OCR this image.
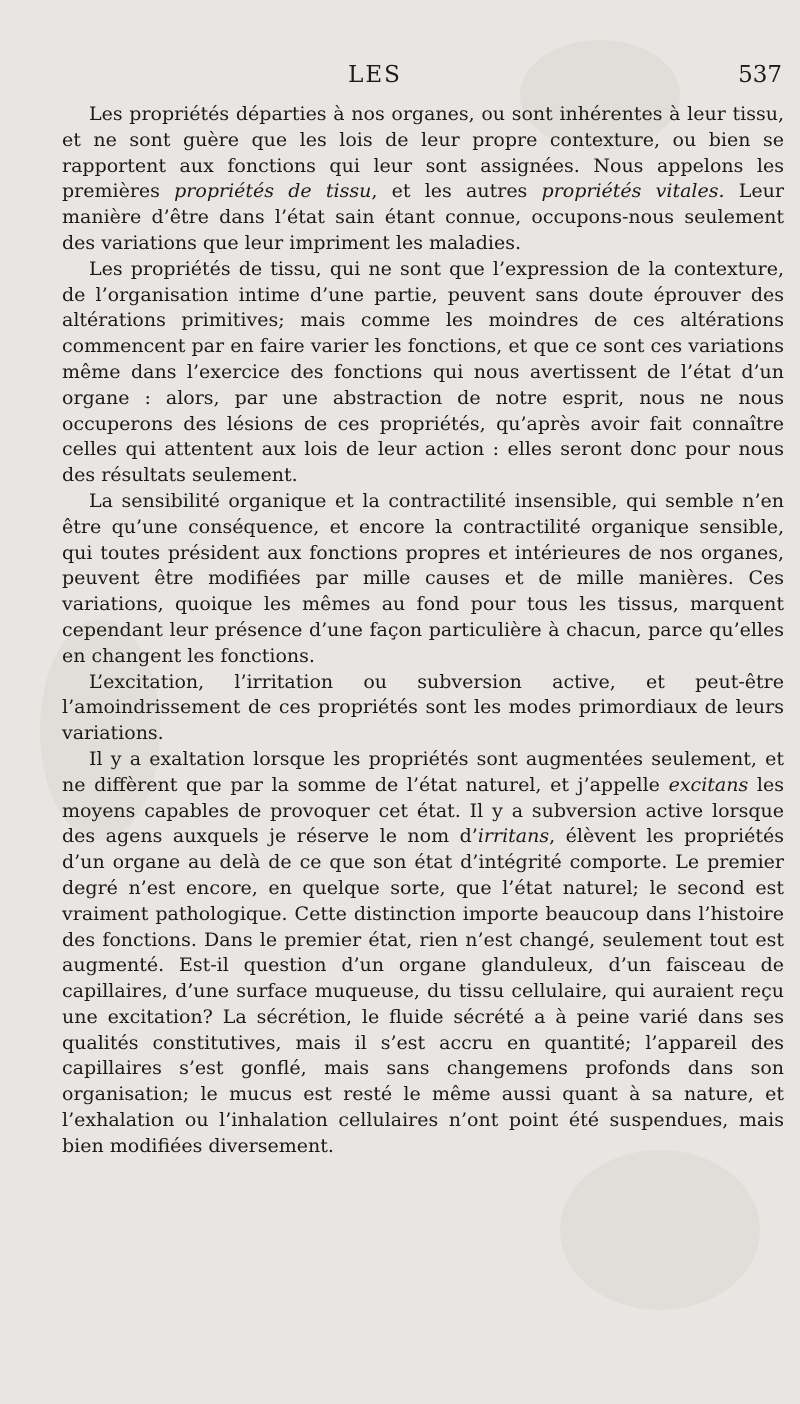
LES	537

Les propriétés départies à nos organes, ou sont inhérentes à leur tissu, et ne sont guère que les lois de leur propre contexture, ou bien se rapportent aux fonctions qui leur sont assignées. Nous appelons les premières propriétés de tissu, et les autres propriétés vitales. Leur manière d’être dans l’état sain étant connue, occupons-nous seulement des variations que leur impriment les maladies.

Les propriétés de tissu, qui ne sont que l’expression de la contexture, de l’organisation intime d’une partie, peuvent sans doute éprouver des altérations primitives; mais comme les moindres de ces altérations commencent par en faire varier les fonctions, et que ce sont ces variations même dans l’exercice des fonctions qui nous avertissent de l’état d’un organe : alors, par une abstraction de notre esprit, nous ne nous occuperons des lésions de ces propriétés, qu’après avoir fait connaître celles qui attentent aux lois de leur action : elles seront donc pour nous des résultats seulement.

La sensibilité organique et la contractilité insensible, qui semble n’en être qu’une conséquence, et encore la contractilité organique sensible, qui toutes président aux fonctions propres et intérieures de nos organes, peuvent être modifiées par mille causes et de mille manières. Ces variations, quoique les mêmes au fond pour tous les tissus, marquent cependant leur présence d’une façon particulière à chacun, parce qu’elles en changent les fonctions.

L’excitation, l’irritation ou subversion active, et peut-être l’amoindrissement de ces propriétés sont les modes primordiaux de leurs variations.

Il y a exaltation lorsque les propriétés sont augmentées seulement, et ne diffèrent que par la somme de l’état naturel, et j’appelle excitans les moyens capables de provoquer cet état. Il y a subversion active lorsque des agens auxquels je réserve le nom d’irritans, élèvent les propriétés d’un organe au delà de ce que son état d’intégrité comporte. Le premier degré n’est encore, en quelque sorte, que l’état naturel; le second est vraiment pathologique. Cette distinction importe beaucoup dans l’histoire des fonctions. Dans le premier état, rien n’est changé, seulement tout est augmenté. Est-il question d’un organe glanduleux, d’un faisceau de capillaires, d’une surface muqueuse, du tissu cellulaire, qui auraient reçu une excitation? La sécrétion, le fluide sécrété a à peine varié dans ses qualités constitutives, mais il s’est accru en quantité; l’appareil des capillaires s’est gonflé, mais sans changemens profonds dans son organisation; le mucus est resté le même aussi quant à sa nature, et l’exhalation ou l’inhalation cellulaires n’ont point été suspendues, mais bien modifiées diversement.
